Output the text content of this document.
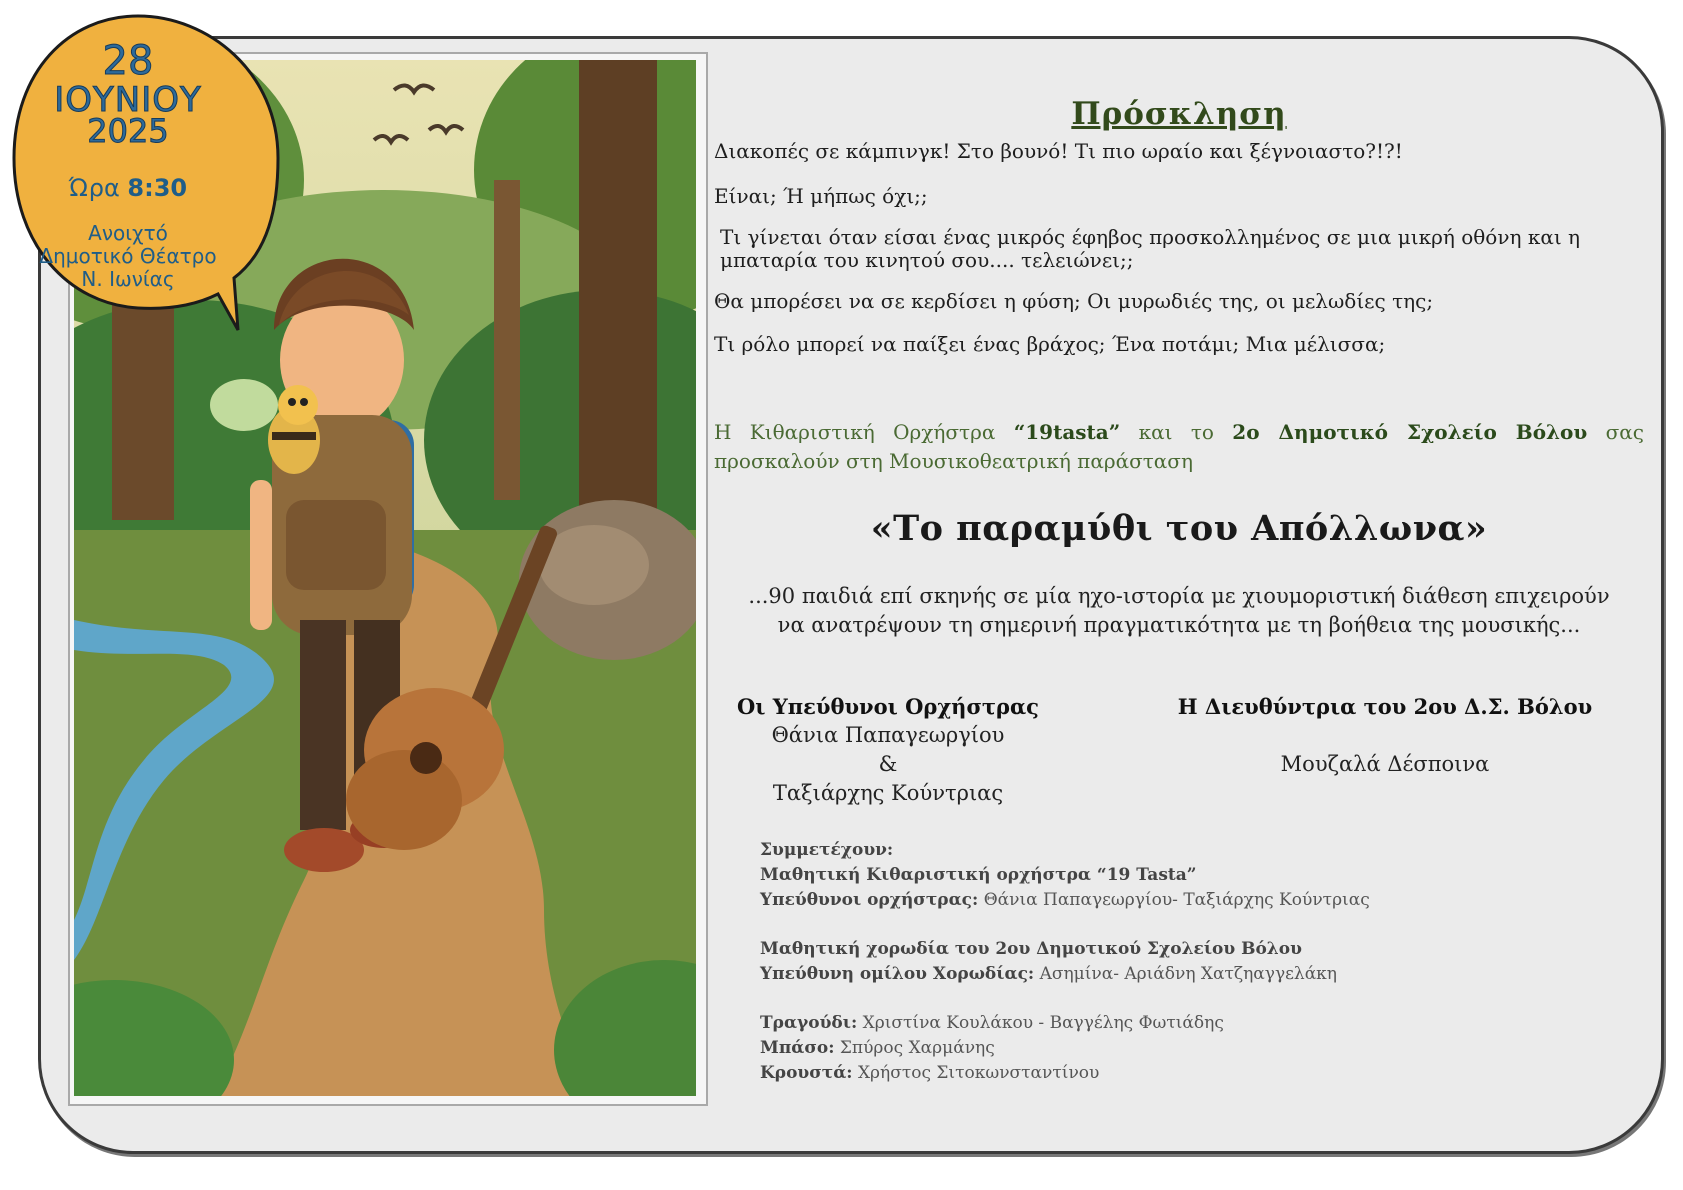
28
ΙΟΥΝΙΟΥ
2025
Ώρα 8:30
Ανοιχτό
Δημοτικό Θέατρο
Ν. Ιωνίας
Πρόσκληση
Διακοπές σε κάμπινγκ! Στο βουνό! Τι πιο ωραίο και ξέγνοιαστο?!?!
Είναι; Ή μήπως όχι;;
Τι γίνεται όταν είσαι ένας μικρός έφηβος προσκολλημένος σε μια μικρή οθόνη και η μπαταρία του κινητού σου.... τελειώνει;;
Θα μπορέσει να σε κερδίσει η φύση; Οι μυρωδιές της, οι μελωδίες της;
Τι ρόλο μπορεί να παίξει ένας βράχος; Ένα ποτάμι; Μια μέλισσα;
Η Κιθαριστική Ορχήστρα “19tasta” και το 2ο Δημοτικό Σχολείο Βόλου σας προσκαλούν στη Μουσικοθεατρική παράσταση
«Το παραμύθι του Απόλλωνα»
...90 παιδιά επί σκηνής σε μία ηχο-ιστορία με χιουμοριστική διάθεση επιχειρούν
να ανατρέψουν τη σημερινή πραγματικότητα με τη βοήθεια της μουσικής...
Οι Υπεύθυνοι Ορχήστρας
Θάνια Παπαγεωργίου
&
Ταξιάρχης Κούντριας
Η Διευθύντρια του 2ου Δ.Σ. Βόλου

Μουζαλά Δέσποινα
Συμμετέχουν:
Μαθητική Κιθαριστική ορχήστρα “19 Tasta”
Υπεύθυνοι ορχήστρας: Θάνια Παπαγεωργίου- Ταξιάρχης Κούντριας
Μαθητική χορωδία του 2ου Δημοτικού Σχολείου Βόλου
Υπεύθυνη ομίλου Χορωδίας: Ασημίνα- Αριάδνη Χατζηαγγελάκη
Τραγούδι: Χριστίνα Κουλάκου - Βαγγέλης Φωτιάδης
Μπάσο: Σπύρος Χαρμάνης
Κρουστά: Χρήστος Σιτοκωνσταντίνου
